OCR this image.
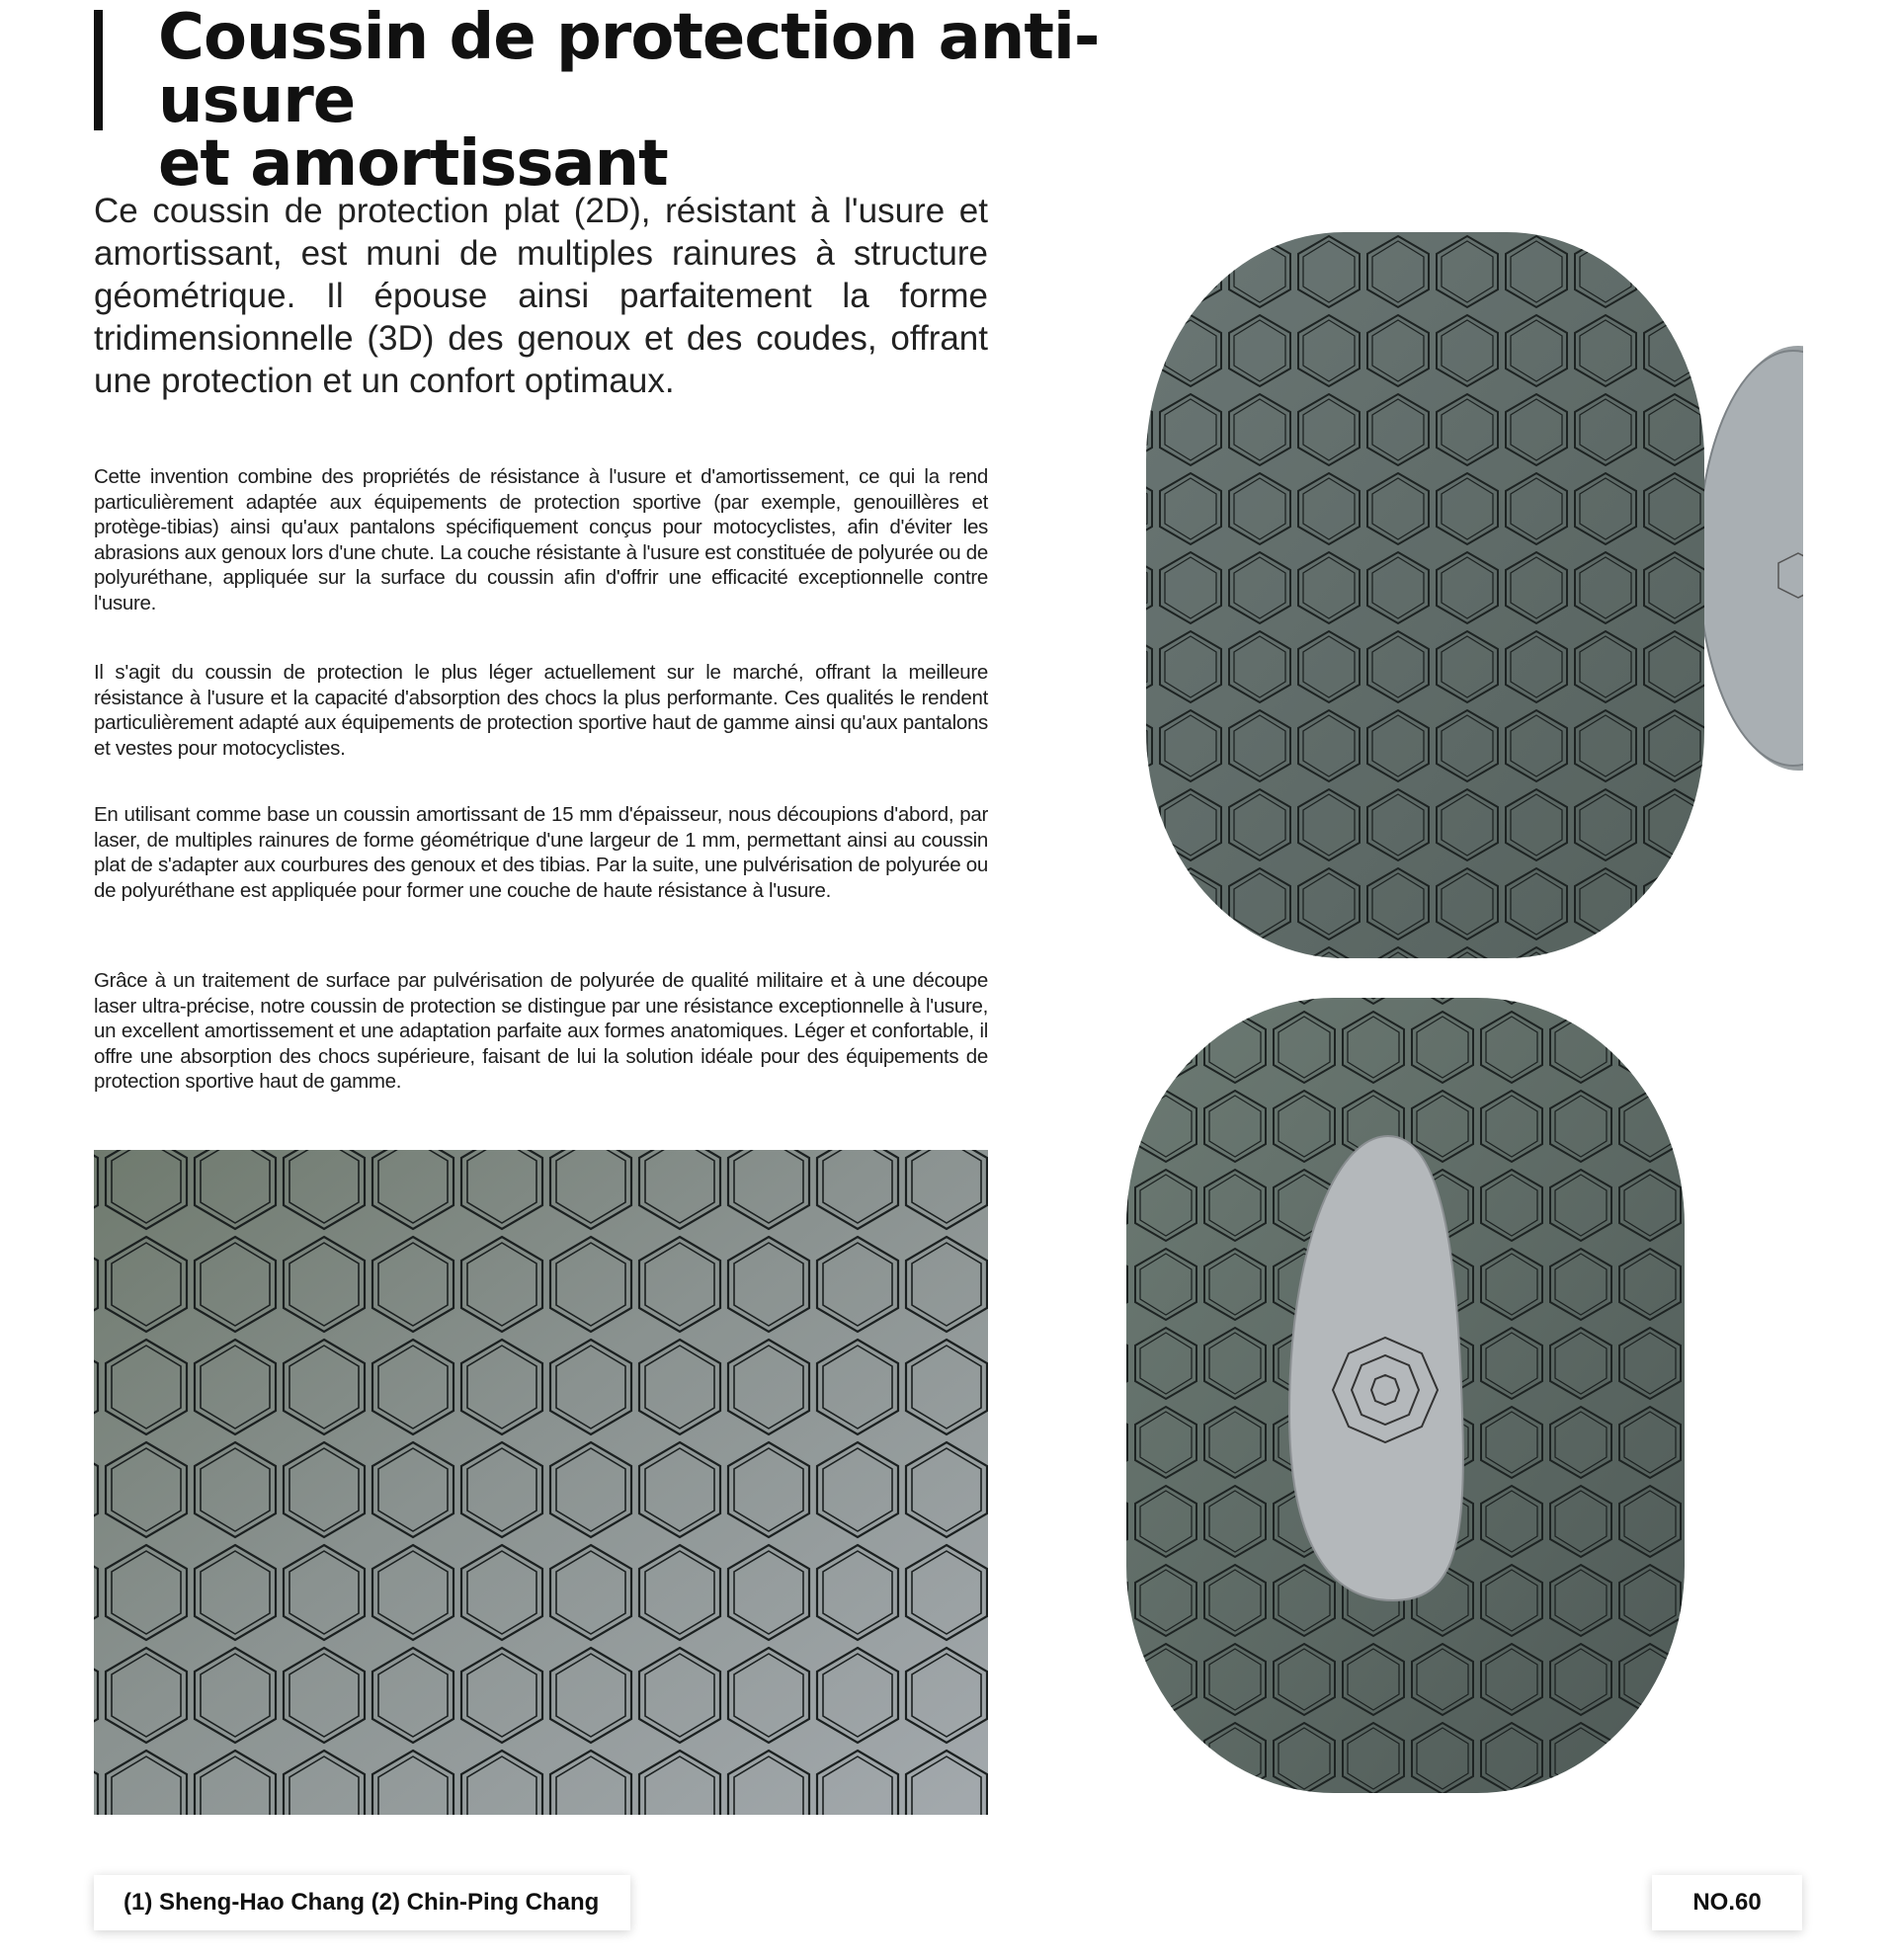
Coussin de protection anti-usure
et amortissant

Ce coussin de protection plat (2D), résistant à l'usure et amortissant, est muni de multiples rainures à structure géométrique. Il épouse ainsi parfaitement la forme tridimensionnelle (3D) des genoux et des coudes, offrant une protection et un confort optimaux.

Cette invention combine des propriétés de résistance à l'usure et d'amortissement, ce qui la rend particulièrement adaptée aux équipements de protection sportive (par exemple, genouillères et protège-tibias) ainsi qu'aux pantalons spécifiquement conçus pour motocyclistes, afin d'éviter les abrasions aux genoux lors d'une chute. La couche résistante à l'usure est constituée de polyurée ou de polyuréthane, appliquée sur la surface du coussin afin d'offrir une efficacité exceptionnelle contre l'usure.

Il s'agit du coussin de protection le plus léger actuellement sur le marché, offrant la meilleure résistance à l'usure et la capacité d'absorption des chocs la plus performante. Ces qualités le rendent particulièrement adapté aux équipements de protection sportive haut de gamme ainsi qu'aux pantalons et vestes pour motocyclistes.

En utilisant comme base un coussin amortissant de 15 mm d'épaisseur, nous découpions d'abord, par laser, de multiples rainures de forme géométrique d'une largeur de 1 mm, permettant ainsi au coussin plat de s'adapter aux courbures des genoux et des tibias. Par la suite, une pulvérisation de polyurée ou de polyuréthane est appliquée pour former une couche de haute résistance à l'usure.

Grâce à un traitement de surface par pulvérisation de polyurée de qualité militaire et à une découpe laser ultra-précise, notre coussin de protection se distingue par une résistance exceptionnelle à l'usure, un excellent amortissement et une adaptation parfaite aux formes anatomiques. Léger et confortable, il offre une absorption des chocs supérieure, faisant de lui la solution idéale pour des équipements de protection sportive haut de gamme.

(1) Sheng-Hao Chang (2) Chin-Ping Chang	NO.60
